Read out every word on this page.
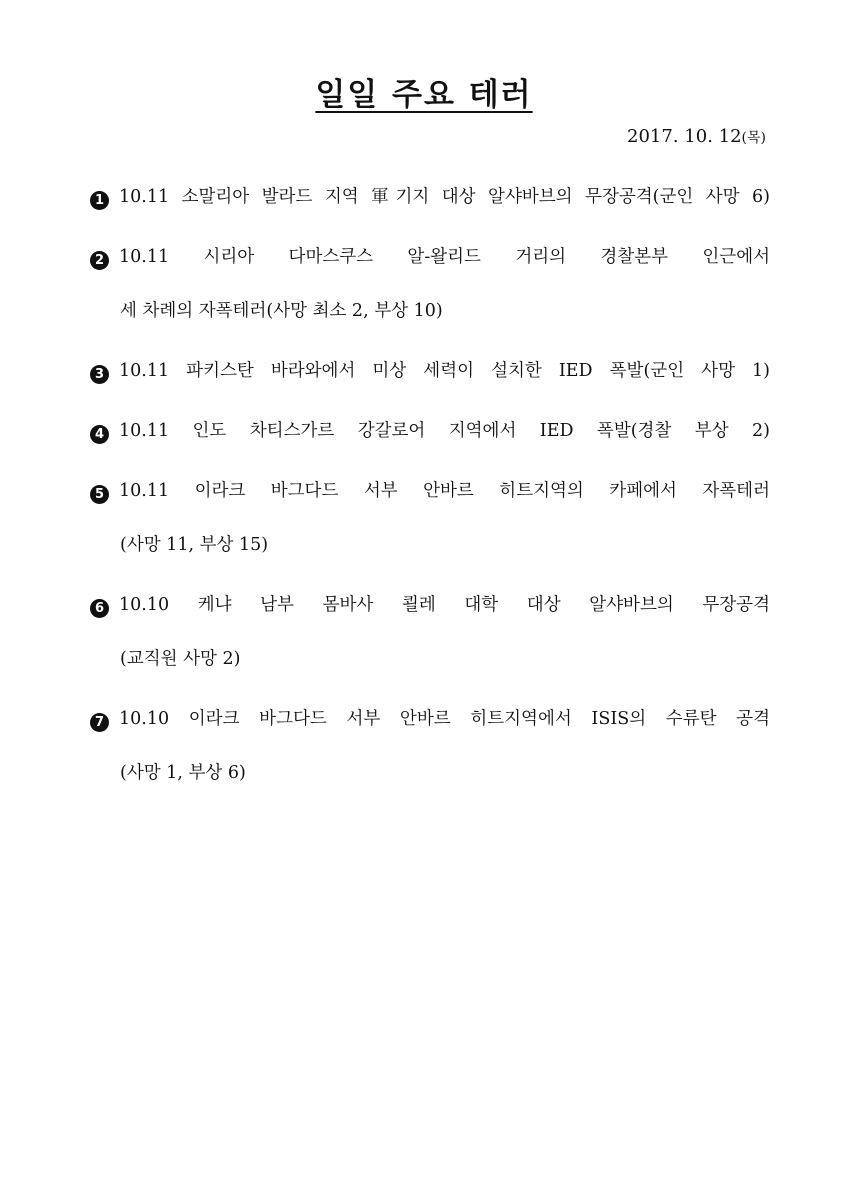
일일 주요 테러
2017. 10. 12(목)
1 10.11 소말리아 발라드 지역 軍기지 대상 알샤바브의 무장공격(군인 사망 6)
2 10.11 시리아 다마스쿠스 알-왈리드 거리의 경찰본부 인근에서
세 차례의 자폭테러(사망 최소 2, 부상 10)
3 10.11 파키스탄 바라와에서 미상 세력이 설치한 IED 폭발(군인 사망 1)
4 10.11 인도 차티스가르 강갈로어 지역에서 IED 폭발(경찰 부상 2)
5 10.11 이라크 바그다드 서부 안바르 히트지역의 카페에서 자폭테러
(사망 11, 부상 15)
6 10.10 케냐 남부 몸바사 쾰레 대학 대상 알샤바브의 무장공격
(교직원 사망 2)
7 10.10 이라크 바그다드 서부 안바르 히트지역에서 ISIS의 수류탄 공격
(사망 1, 부상 6)
